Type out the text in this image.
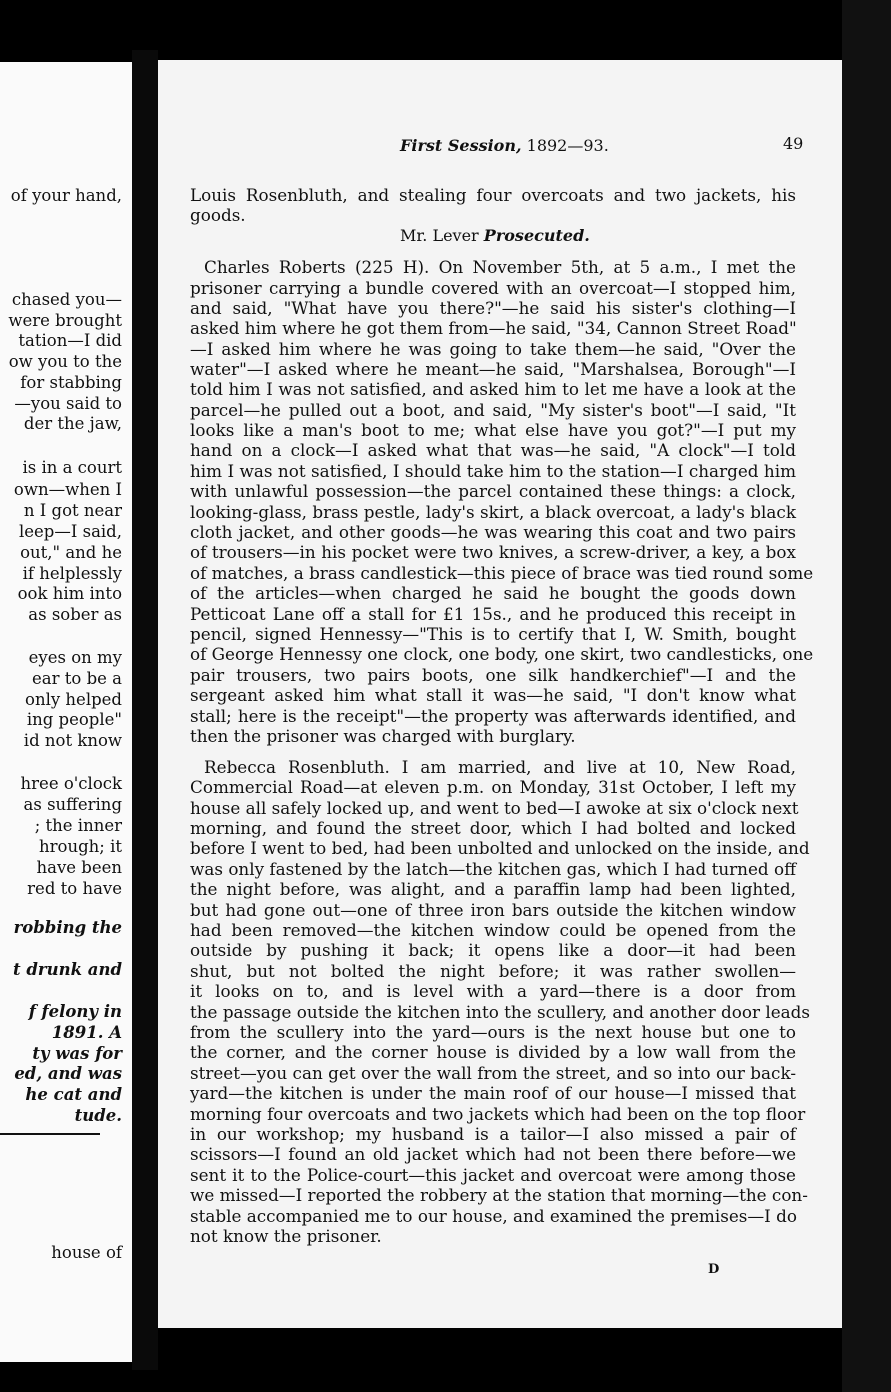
of your hand,
chased you—
were brought
tation—I did
ow you to the
for stabbing
—you said to
der the jaw,
is in a court
own—when I
n I got near
leep—I said,
out," and he
if helplessly
ook him into
as sober as
eyes on my
ear to be a
only helped
ing people"
id not know
hree o'clock
as suffering
; the inner
hrough; it
have been
red to have
robbing the
t drunk and
f felony in
1891. A
ty was for
ed, and was
he cat and
tude.
house of
First Session, 1892—93.	49
Mr. Lever Prosecuted.
Louis Rosenbluth, and stealing four overcoats and two jackets, his
goods.
Charles Roberts (225 H). On November 5th, at 5 a.m., I met the
prisoner carrying a bundle covered with an overcoat—I stopped him,
and said, "What have you there?"—he said his sister's clothing—I
asked him where he got them from—he said, "34, Cannon Street Road"
—I asked him where he was going to take them—he said, "Over the
water"—I asked where he meant—he said, "Marshalsea, Borough"—I
told him I was not satisfied, and asked him to let me have a look at the
parcel—he pulled out a boot, and said, "My sister's boot"—I said, "It
looks like a man's boot to me; what else have you got?"—I put my
hand on a clock—I asked what that was—he said, "A clock"—I told
him I was not satisfied, I should take him to the station—I charged him
with unlawful possession—the parcel contained these things: a clock,
looking-glass, brass pestle, lady's skirt, a black overcoat, a lady's black
cloth jacket, and other goods—he was wearing this coat and two pairs
of trousers—in his pocket were two knives, a screw-driver, a key, a box
of matches, a brass candlestick—this piece of brace was tied round some
of the articles—when charged he said he bought the goods down
Petticoat Lane off a stall for £1 15s., and he produced this receipt in
pencil, signed Hennessy—"This is to certify that I, W. Smith, bought
of George Hennessy one clock, one body, one skirt, two candlesticks, one
pair trousers, two pairs boots, one silk handkerchief"—I and the
sergeant asked him what stall it was—he said, "I don't know what
stall; here is the receipt"—the property was afterwards identified, and
then the prisoner was charged with burglary.
Rebecca Rosenbluth. I am married, and live at 10, New Road,
Commercial Road—at eleven p.m. on Monday, 31st October, I left my
house all safely locked up, and went to bed—I awoke at six o'clock next
morning, and found the street door, which I had bolted and locked
before I went to bed, had been unbolted and unlocked on the inside, and
was only fastened by the latch—the kitchen gas, which I had turned off
the night before, was alight, and a paraffin lamp had been lighted,
but had gone out—one of three iron bars outside the kitchen window
had been removed—the kitchen window could be opened from the
outside by pushing it back; it opens like a door—it had been
shut, but not bolted the night before; it was rather swollen—
it looks on to, and is level with a yard—there is a door from
the passage outside the kitchen into the scullery, and another door leads
from the scullery into the yard—ours is the next house but one to
the corner, and the corner house is divided by a low wall from the
street—you can get over the wall from the street, and so into our back-
yard—the kitchen is under the main roof of our house—I missed that
morning four overcoats and two jackets which had been on the top floor
in our workshop; my husband is a tailor—I also missed a pair of
scissors—I found an old jacket which had not been there before—we
sent it to the Police-court—this jacket and overcoat were among those
we missed—I reported the robbery at the station that morning—the con-
stable accompanied me to our house, and examined the premises—I do
not know the prisoner.
D
